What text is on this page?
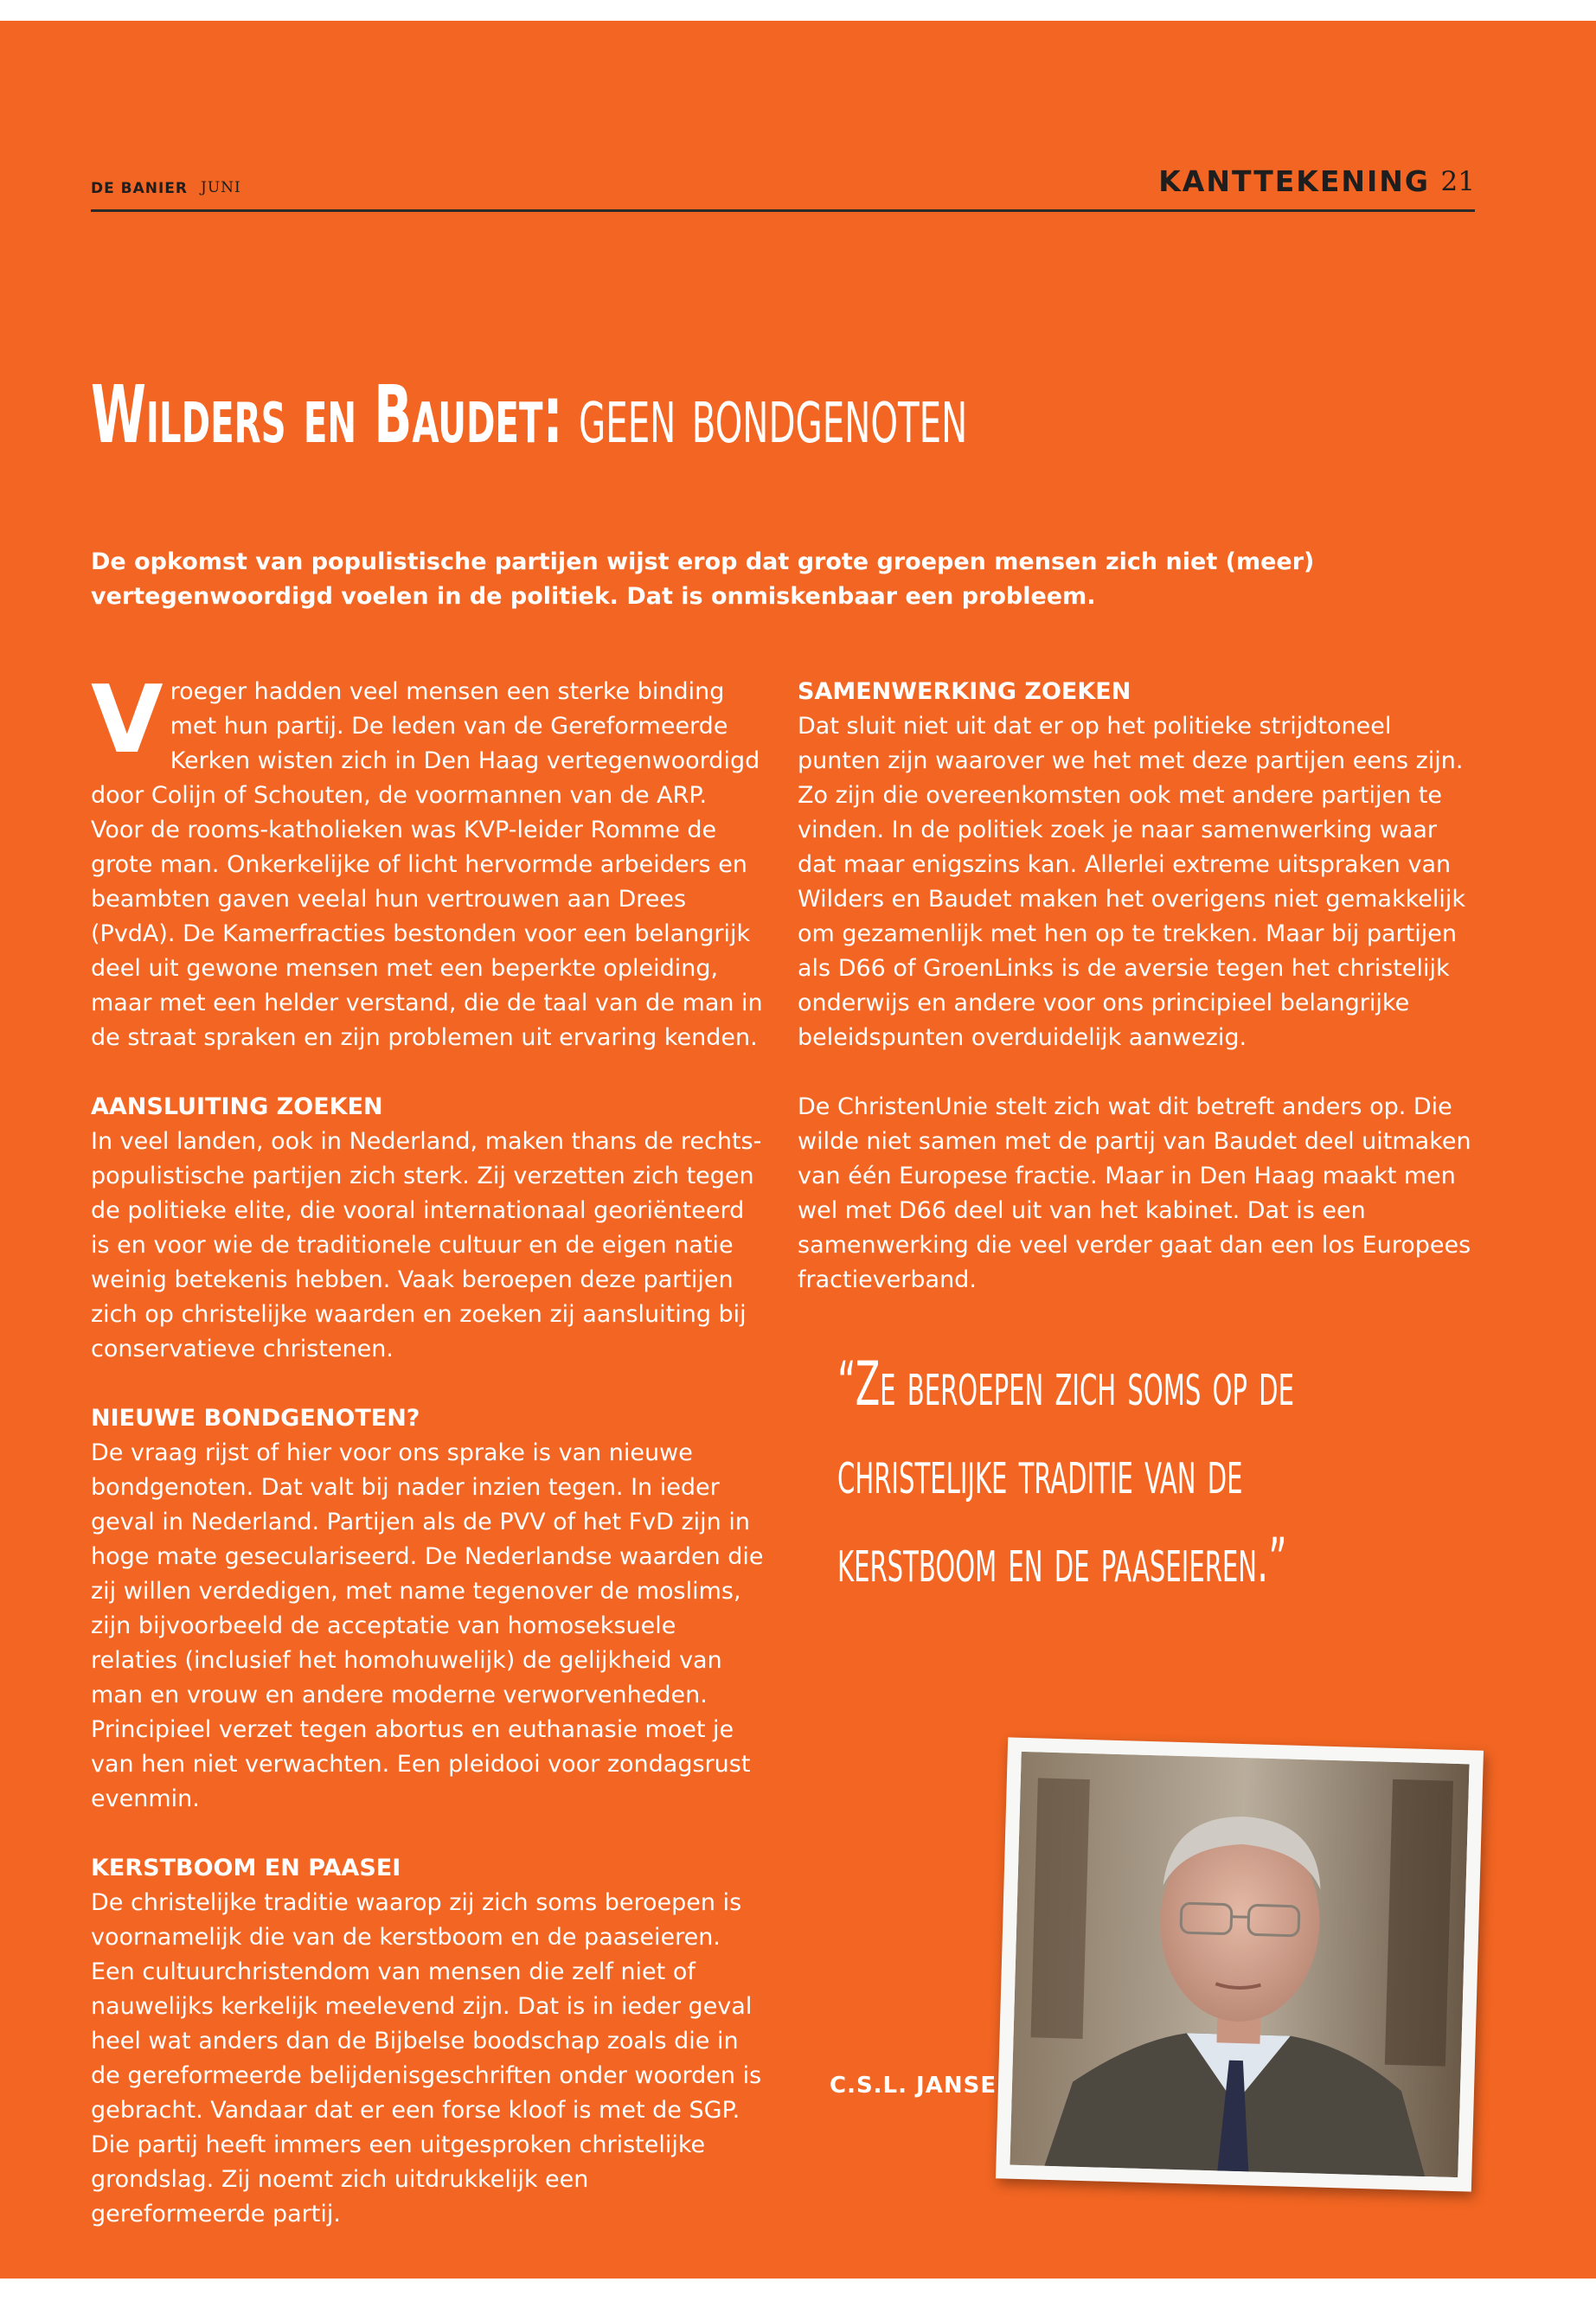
DE BANIER JUNI	KANTTEKENING 21
Wilders en Baudet: geen bondgenoten
De opkomst van populistische partijen wijst erop dat grote groepen mensen zich niet (meer) vertegenwoordigd voelen in de politiek. Dat is onmiskenbaar een probleem.

Vroeger hadden veel mensen een sterke binding met hun partij. De leden van de Gereformeerde Kerken wisten zich in Den Haag vertegenwoordigd door Colijn of Schouten, de voormannen van de ARP. Voor de rooms-katholieken was KVP-leider Romme de grote man. Onkerkelijke of licht hervormde arbeiders en beambten gaven veelal hun vertrouwen aan Drees (PvdA). De Kamerfracties bestonden voor een belangrijk deel uit gewone mensen met een beperkte opleiding, maar met een helder verstand, die de taal van de man in de straat spraken en zijn problemen uit ervaring kenden.

AANSLUITING ZOEKEN

In veel landen, ook in Nederland, maken thans de rechts-populistische partijen zich sterk. Zij verzetten zich tegen de politieke elite, die vooral internationaal georiënteerd is en voor wie de traditionele cultuur en de eigen natie weinig betekenis hebben. Vaak beroepen deze partijen zich op christelijke waarden en zoeken zij aansluiting bij conservatieve christenen.

NIEUWE BONDGENOTEN?

De vraag rijst of hier voor ons sprake is van nieuwe bondgenoten. Dat valt bij nader inzien tegen. In ieder geval in Nederland. Partijen als de PVV of het FvD zijn in hoge mate geseculariseerd. De Nederlandse waarden die zij willen verdedigen, met name tegenover de moslims, zijn bijvoorbeeld de acceptatie van homoseksuele relaties (inclusief het homohuwelijk) de gelijkheid van man en vrouw en andere moderne verworvenheden. Principieel verzet tegen abortus en euthanasie moet je van hen niet verwachten. Een pleidooi voor zondagsrust evenmin.

KERSTBOOM EN PAASEI

De christelijke traditie waarop zij zich soms beroepen is voornamelijk die van de kerstboom en de paaseieren. Een cultuurchristendom van mensen die zelf niet of nauwelijks kerkelijk meelevend zijn. Dat is in ieder geval heel wat anders dan de Bijbelse boodschap zoals die in de gereformeerde belijdenisgeschriften onder woorden is gebracht. Vandaar dat er een forse kloof is met de SGP. Die partij heeft immers een uitgesproken christelijke grondslag. Zij noemt zich uitdrukkelijk een gereformeerde partij.

SAMENWERKING ZOEKEN

Dat sluit niet uit dat er op het politieke strijdtoneel punten zijn waarover we het met deze partijen eens zijn. Zo zijn die overeenkomsten ook met andere partijen te vinden. In de politiek zoek je naar samenwerking waar dat maar enigszins kan. Allerlei extreme uitspraken van Wilders en Baudet maken het overigens niet gemakkelijk om gezamenlijk met hen op te trekken. Maar bij partijen als D66 of GroenLinks is de aversie tegen het christelijk onderwijs en andere voor ons principieel belangrijke beleidspunten overduidelijk aanwezig.

De ChristenUnie stelt zich wat dit betreft anders op. Die wilde niet samen met de partij van Baudet deel uitmaken van één Europese fractie. Maar in Den Haag maakt men wel met D66 deel uit van het kabinet. Dat is een samenwerking die veel verder gaat dan een los Europees fractieverband.

“Ze beroepen zich soms op de christelijke traditie van de kerstboom en de paaseieren.”

C.S.L. JANSE
